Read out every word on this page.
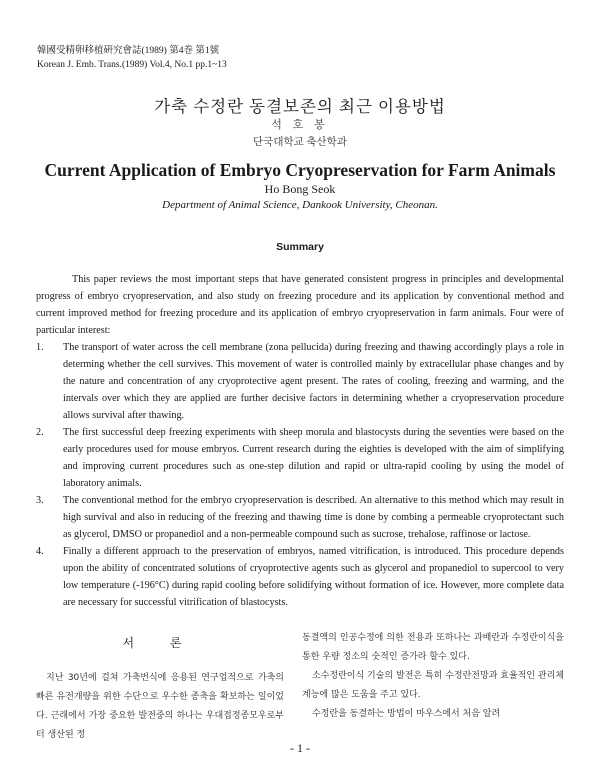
韓國受精卵移植硏究會誌(1989) 第4巻 第1號
Korean J. Emb. Trans.(1989) Vol.4, No.1 pp.1~13
가축 수정란 동결보존의 최근 이용방법
석 호 봉
단국대학교 축산학과
Current Application of Embryo Cryopreservation for Farm Animals
Ho Bong Seok
Department of Animal Science, Dankook University, Cheonan.
Summary

This paper reviews the most important steps that have generated consistent progress in principles and developmental progress of embryo cryopreservation, and also study on freezing procedure and its application by conventional method and current improved method for freezing procedure and its application of embryo cryopreservation in farm animals. Four were of particular interest:

1. The transport of water across the cell membrane (zona pellucida) during freezing and thawing accordingly plays a role in determing whether the cell survives. This movement of water is controlled mainly by extracellular phase changes and by the nature and concentration of any cryoprotective agent present. The rates of cooling, freezing and warming, and the intervals over which they are applied are further decisive factors in determining whether a cryopreservation procedure allows survival after thawing.
2. The first successful deep freezing experiments with sheep morula and blastocysts during the seventies were based on the early procedures used for mouse embryos. Current research during the eighties is developed with the aim of simplifying and improving current procedures such as one-step dilution and rapid or ultra-rapid cooling by using the model of laboratory animals.
3. The conventional method for the embryo cryopreservation is described. An alternative to this method which may result in high survival and also in reducing of the freezing and thawing time is done by combing a permeable cryoprotectant such as glycerol, DMSO or propanediol and a non-permeable compound such as sucrose, trehalose, raffinose or lactose.
4. Finally a different approach to the preservation of embryos, named vitrification, is introduced. This procedure depends upon the ability of concentrated solutions of cryoprotective agents such as glycerol and propanediol to supercool to very low temperature (-196°C) during rapid cooling before solidifying without formation of ice. However, more complete data are necessary for successful vitrification of blastocysts.
서 론

지난 30년에 걸쳐 가축번식에 응용된 연구업적으로 가축의 빠른 유전개량을 위한 수단으로 우수한 종축을 확보하는 일이었다. 근래에서 가장 중요한 발전중의 하나는 우대접정종모우로부터 생산된 정

동결액의 인공수정에 의한 전용과 또하나는 과배란과 수정란이식을 통한 우량 정소의 숫적인 증가라 할수 있다.

소수정란이식 기술의 발전은 특히 수정란전망과 효율적인 관리체계능에 많은 도움을 주고 있다.

수정란을 동결하는 방법이 마우스에서 처음 알려

- 1 -
